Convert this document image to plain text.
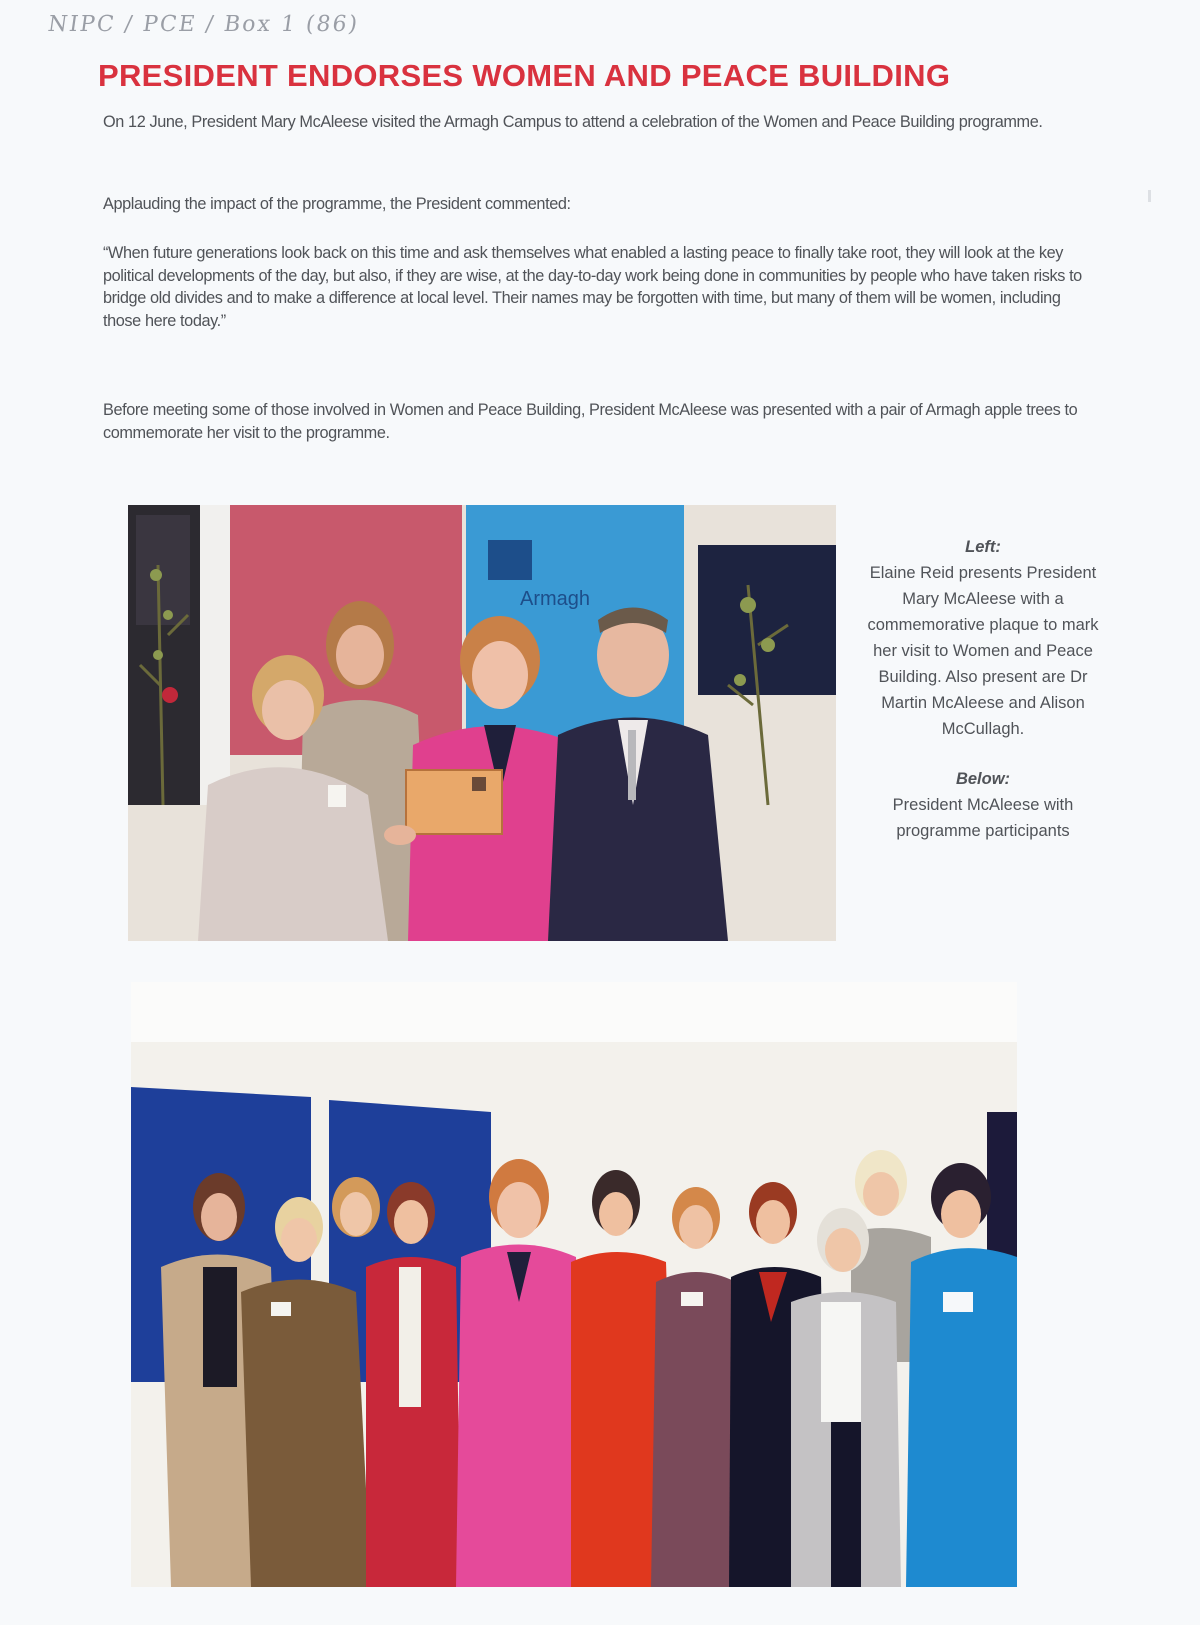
NIPC / PCE / Box 1 (86)
PRESIDENT ENDORSES WOMEN AND PEACE BUILDING
On 12 June, President Mary McAleese visited the Armagh Campus to attend a celebration of the Women and Peace Building programme.
Applauding the impact of the programme, the President commented:
“When future generations look back on this time and ask themselves what enabled a lasting peace to finally take root, they will look at the key political developments of the day, but also, if they are wise, at the day-to-day work being done in communities by people who have taken risks to bridge old divides and to make a difference at local level. Their names may be forgotten with time, but many of them will be women, including those here today.”
Before meeting some of those involved in Women and Peace Building, President McAleese was presented with a pair of Armagh apple trees to commemorate her visit to the programme.
Armagh
Left:
Elaine Reid presents President Mary McAleese with a commemorative plaque to mark her visit to Women and Peace Building. Also present are Dr Martin McAleese and Alison McCullagh.
Below:
President McAleese with programme participants
